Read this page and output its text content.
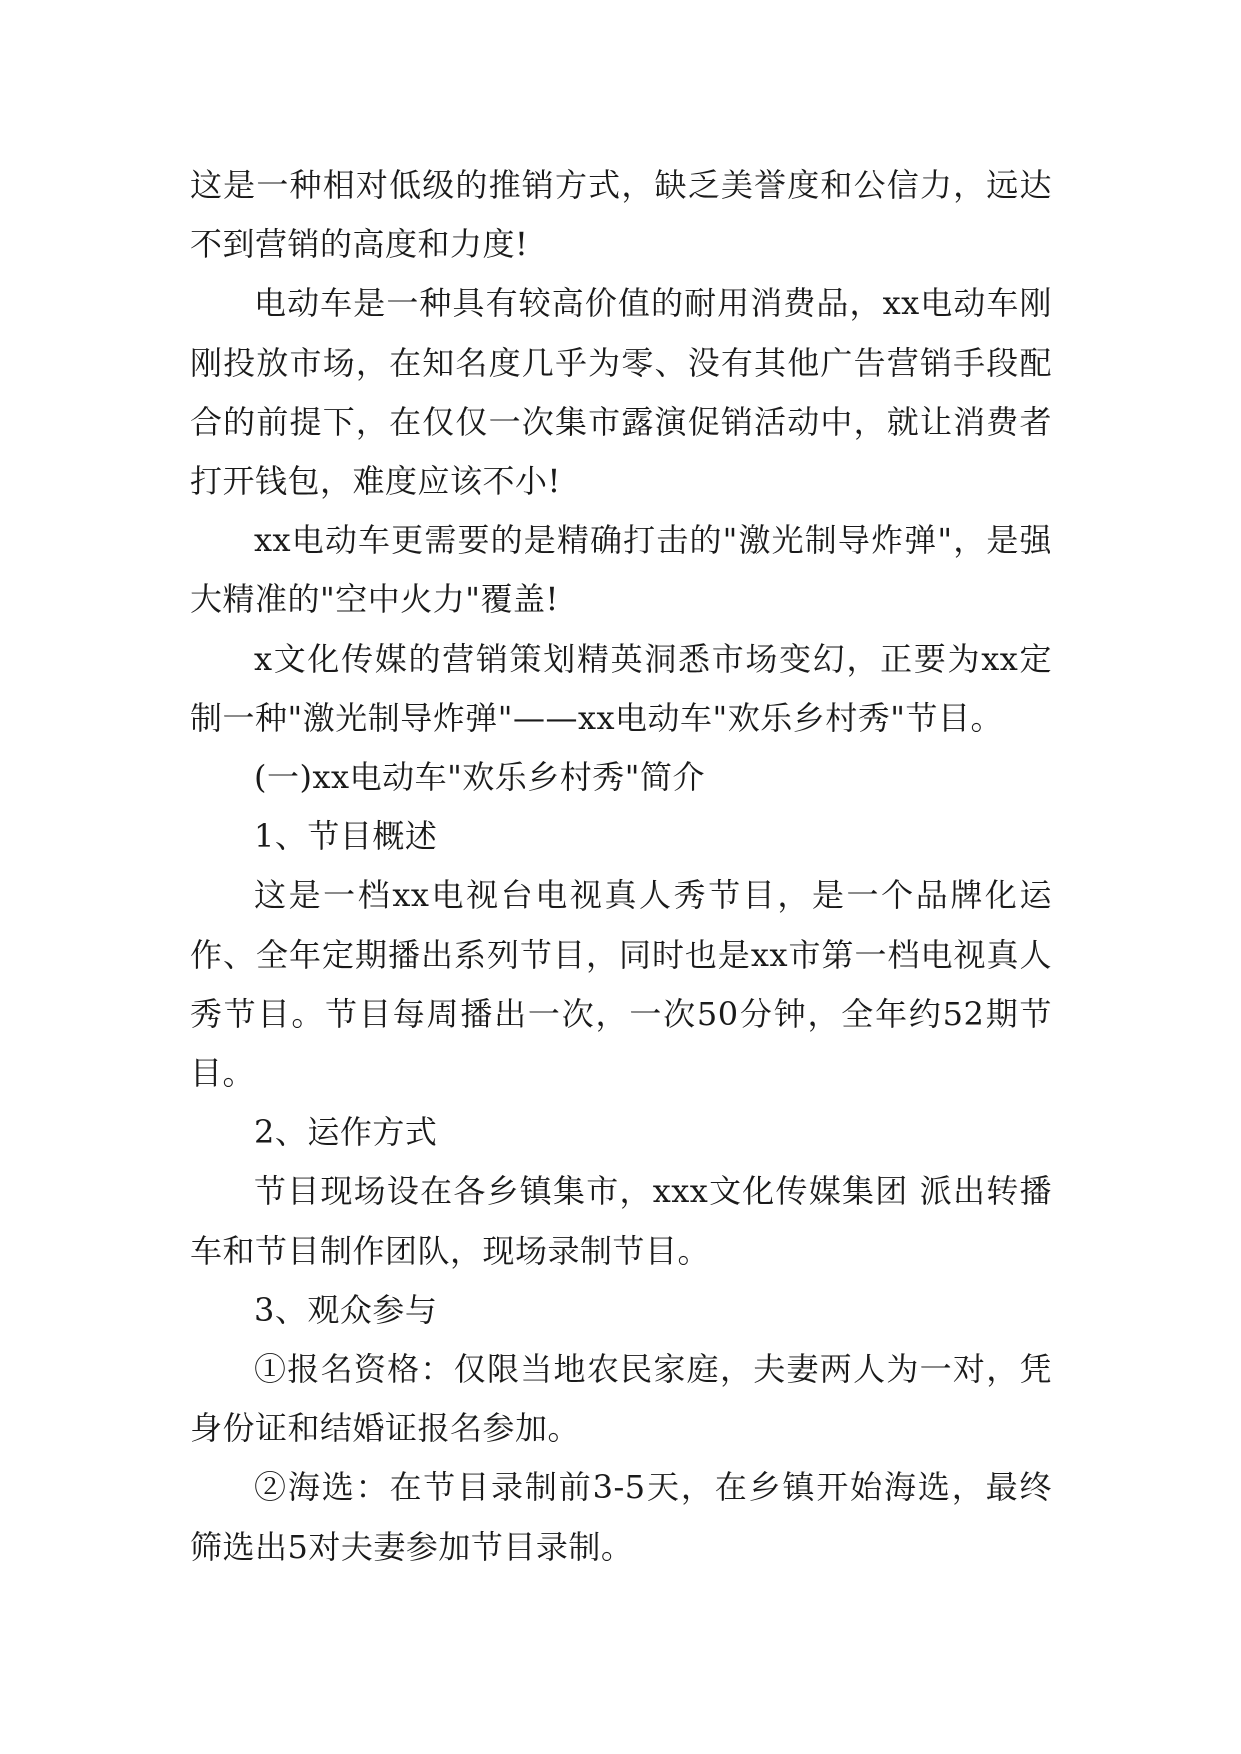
这是一种相对低级的推销方式，缺乏美誉度和公信力，远达不到营销的高度和力度!

电动车是一种具有较高价值的耐用消费品，xx电动车刚刚投放市场，在知名度几乎为零、没有其他广告营销手段配合的前提下，在仅仅一次集市露演促销活动中，就让消费者打开钱包，难度应该不小!

xx电动车更需要的是精确打击的"激光制导炸弹"，是强大精准的"空中火力"覆盖!

x文化传媒的营销策划精英洞悉市场变幻，正要为xx定制一种"激光制导炸弹"——xx电动车"欢乐乡村秀"节目。

(一)xx电动车"欢乐乡村秀"简介

1、节目概述

这是一档xx电视台电视真人秀节目，是一个品牌化运作、全年定期播出系列节目，同时也是xx市第一档电视真人秀节目。节目每周播出一次，一次50分钟，全年约52期节目。

2、运作方式

节目现场设在各乡镇集市，xxx文化传媒集团 派出转播车和节目制作团队，现场录制节目。

3、观众参与

①报名资格：仅限当地农民家庭，夫妻两人为一对，凭身份证和结婚证报名参加。

②海选：在节目录制前3-5天，在乡镇开始海选，最终筛选出5对夫妻参加节目录制。
